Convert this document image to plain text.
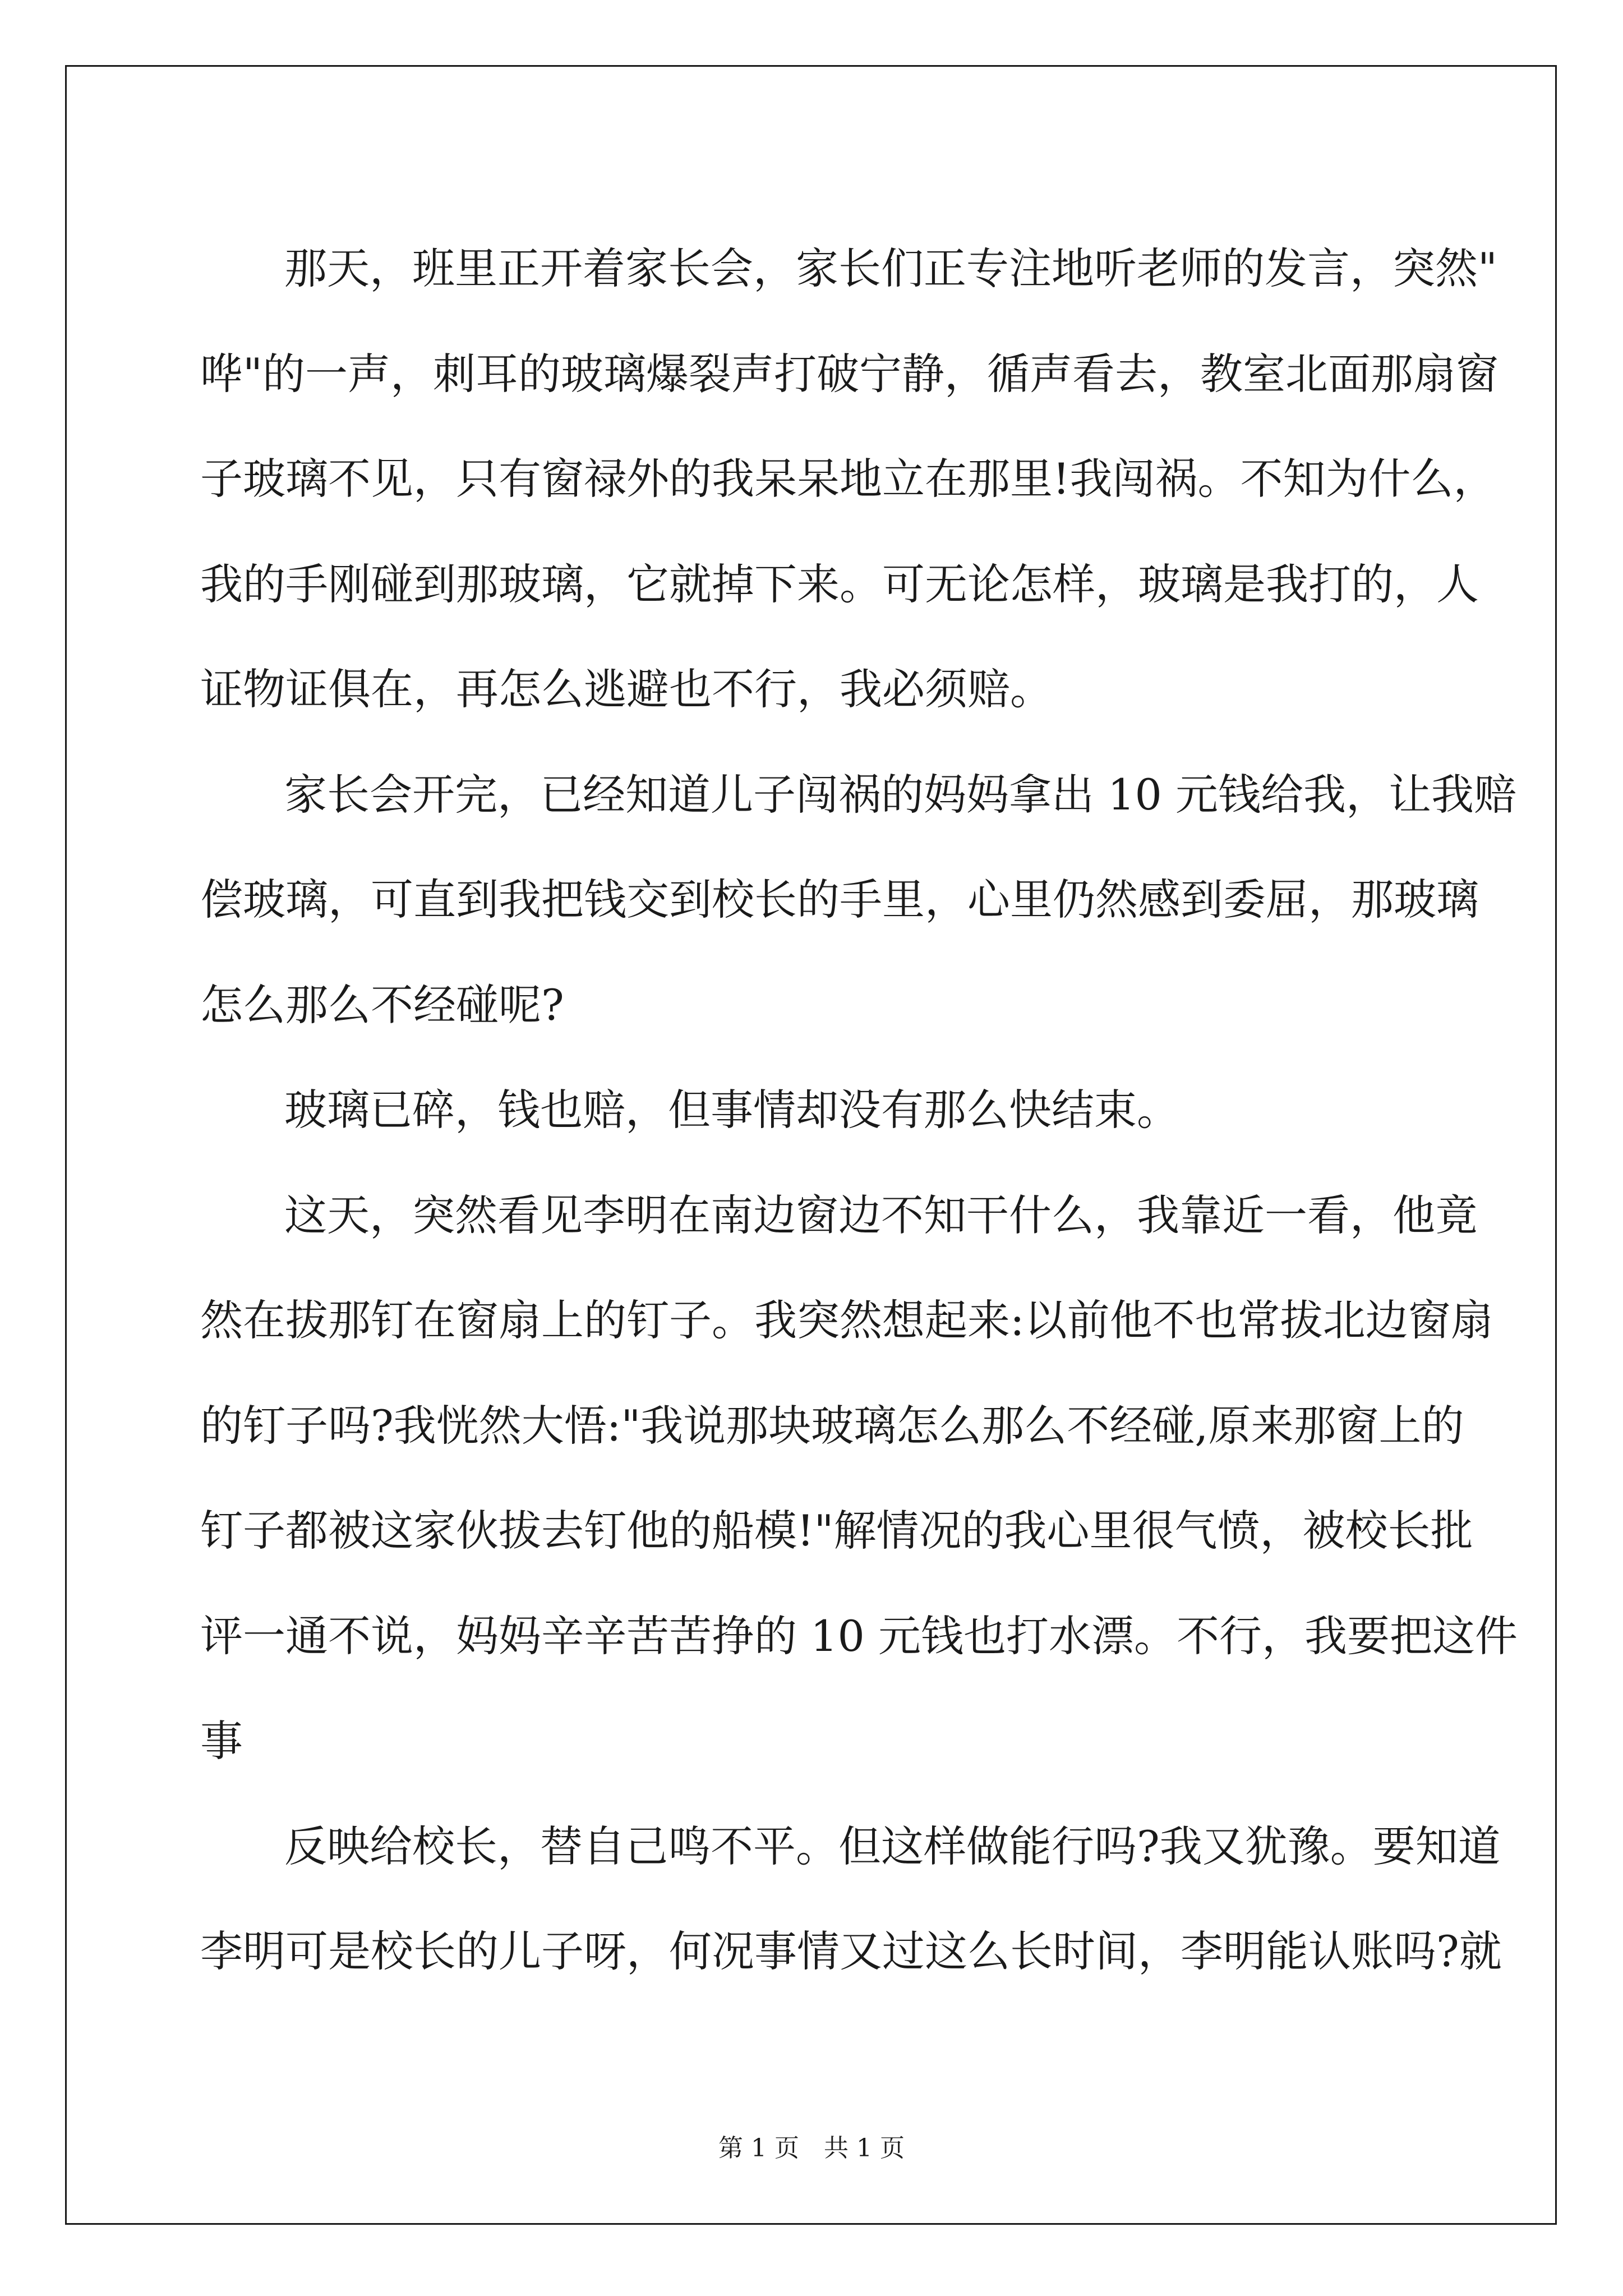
那天，班里正开着家长会，家长们正专注地听老师的发言，突然"
哗"的一声，刺耳的玻璃爆裂声打破宁静，循声看去，教室北面那扇窗
子玻璃不见，只有窗禄外的我呆呆地立在那里!我闯祸。不知为什么，
我的手刚碰到那玻璃，它就掉下来。可无论怎样，玻璃是我打的，人
证物证俱在，再怎么逃避也不行，我必须赔。

家长会开完，已经知道儿子闯祸的妈妈拿出 10 元钱给我，让我赔
偿玻璃，可直到我把钱交到校长的手里，心里仍然感到委屈，那玻璃
怎么那么不经碰呢?

玻璃已碎，钱也赔，但事情却没有那么快结束。

这天，突然看见李明在南边窗边不知干什么，我靠近一看，他竟
然在拔那钉在窗扇上的钉子。我突然想起来:以前他不也常拔北边窗扇
的钉子吗?我恍然大悟:"我说那块玻璃怎么那么不经碰,原来那窗上的
钉子都被这家伙拔去钉他的船模!"解情况的我心里很气愤，被校长批
评一通不说，妈妈辛辛苦苦挣的 10 元钱也打水漂。不行，我要把这件
事

反映给校长，替自己鸣不平。但这样做能行吗?我又犹豫。要知道
李明可是校长的儿子呀，何况事情又过这么长时间，李明能认账吗?就

第 1 页　共 1 页
